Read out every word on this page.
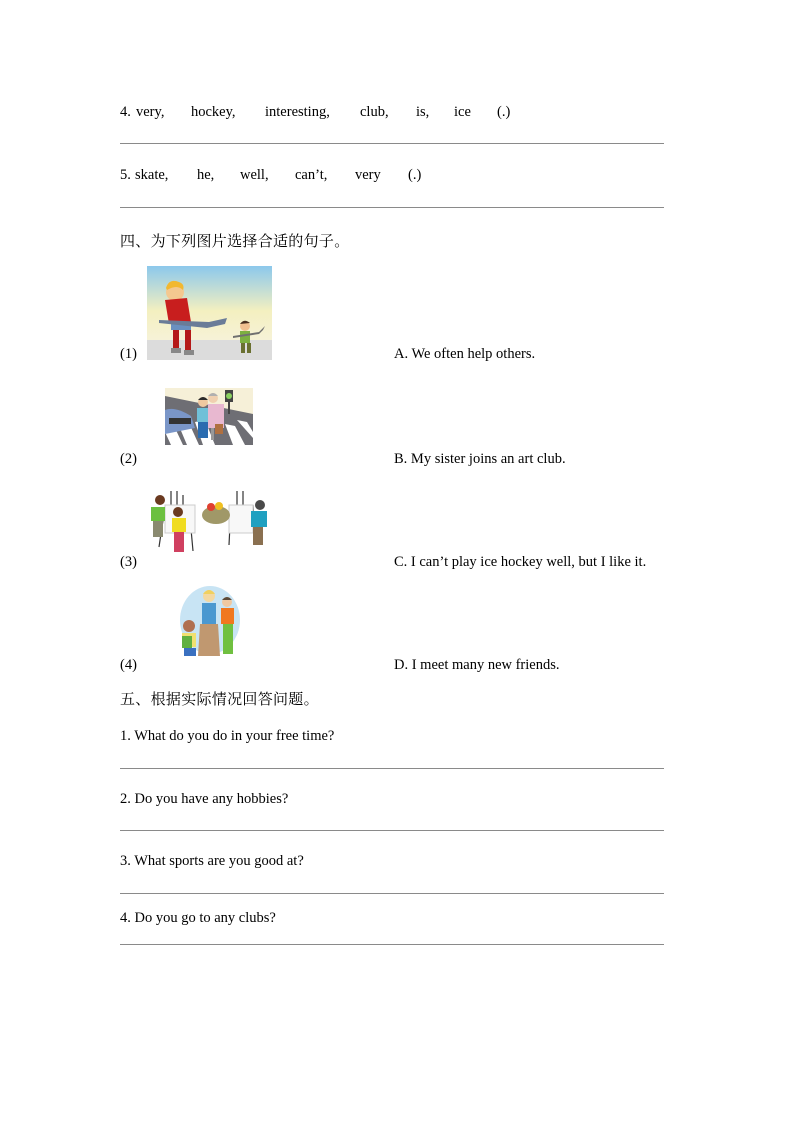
4. very, hockey, interesting, club, is, ice (.)
5. skate, he, well, can’t, very (.)
四、为下列图片选择合适的句子。
(1)	A. We often help others.
(2)	B. My sister joins an art club.
(3)	C. I can’t play ice hockey well, but I like it.
(4)	D. I meet many new friends.
五、根据实际情况回答问题。
1. What do you do in your free time?
2. Do you have any hobbies?
3. What sports are you good at?
4. Do you go to any clubs?
